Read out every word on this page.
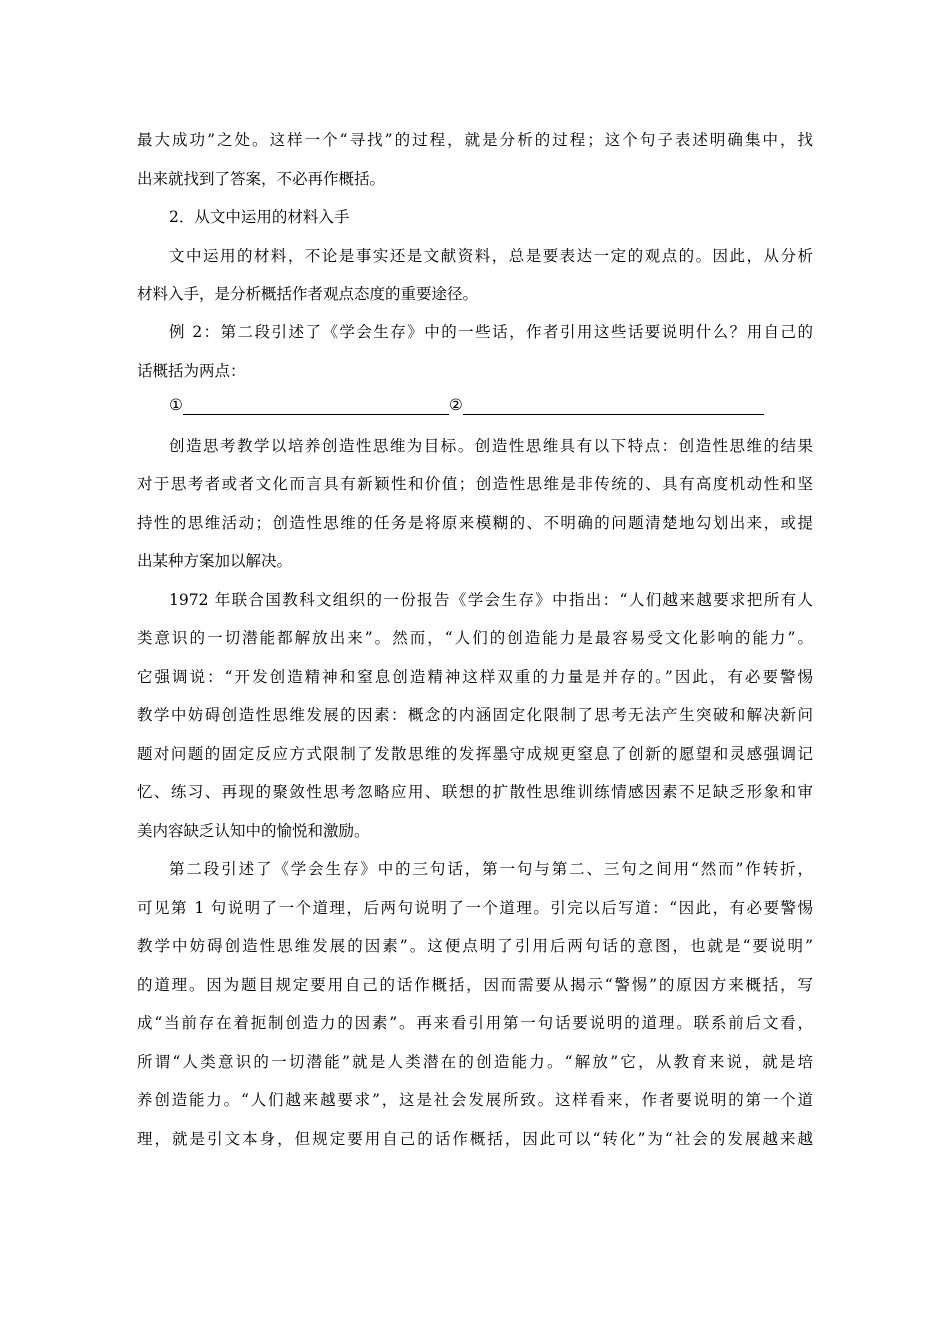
最大成功”之处。这样一个“寻找”的过程，就是分析的过程；这个句子表述明确集中，找
出来就找到了答案，不必再作概括。
2．从文中运用的材料入手
文中运用的材料，不论是事实还是文献资料，总是要表达一定的观点的。因此，从分析
材料入手，是分析概括作者观点态度的重要途径。
例 2：第二段引述了《学会生存》中的一些话，作者引用这些话要说明什么？用自己的
话概括为两点：
①	②
创造思考教学以培养创造性思维为目标。创造性思维具有以下特点：创造性思维的结果
对于思考者或者文化而言具有新颖性和价值；创造性思维是非传统的、具有高度机动性和坚
持性的思维活动；创造性思维的任务是将原来模糊的、不明确的问题清楚地勾划出来，或提
出某种方案加以解决。
1972 年联合国教科文组织的一份报告《学会生存》中指出：“人们越来越要求把所有人
类意识的一切潜能都解放出来”。然而，“人们的创造能力是最容易受文化影响的能力”。
它强调说：“开发创造精神和窒息创造精神这样双重的力量是并存的。”因此，有必要警惕
教学中妨碍创造性思维发展的因素：概念的内涵固定化限制了思考无法产生突破和解决新问
题对问题的固定反应方式限制了发散思维的发挥墨守成规更窒息了创新的愿望和灵感强调记
忆、练习、再现的聚敛性思考忽略应用、联想的扩散性思维训练情感因素不足缺乏形象和审
美内容缺乏认知中的愉悦和激励。
第二段引述了《学会生存》中的三句话，第一句与第二、三句之间用“然而”作转折，
可见第 1 句说明了一个道理，后两句说明了一个道理。引完以后写道：“因此，有必要警惕
教学中妨碍创造性思维发展的因素”。这便点明了引用后两句话的意图，也就是“要说明”
的道理。因为题目规定要用自己的话作概括，因而需要从揭示“警惕”的原因方来概括，写
成“当前存在着扼制创造力的因素”。再来看引用第一句话要说明的道理。联系前后文看，
所谓“人类意识的一切潜能”就是人类潜在的创造能力。“解放”它，从教育来说，就是培
养创造能力。“人们越来越要求”，这是社会发展所致。这样看来，作者要说明的第一个道
理，就是引文本身，但规定要用自己的话作概括，因此可以“转化”为“社会的发展越来越
